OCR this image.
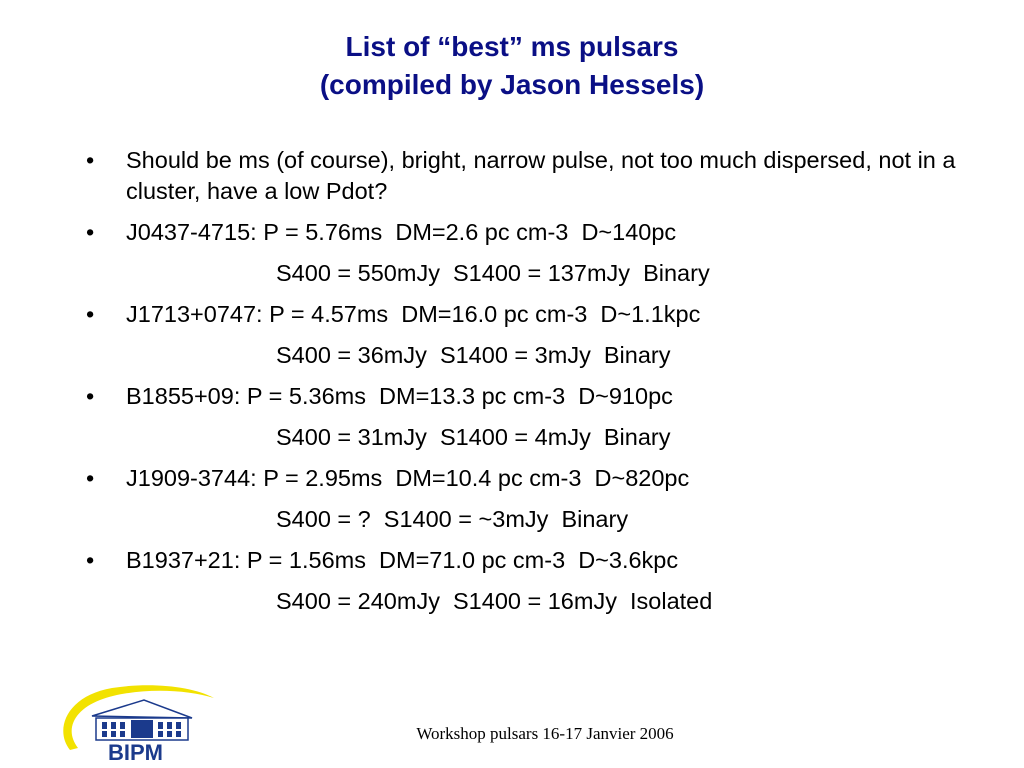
List of “best” ms pulsars
(compiled by Jason Hessels)
• Should be ms (of course), bright, narrow pulse, not too much dispersed, not in a cluster, have a low Pdot?
• J0437-4715: P = 5.76ms  DM=2.6 pc cm-3  D~140pc
S400 = 550mJy  S1400 = 137mJy  Binary
• J1713+0747: P = 4.57ms  DM=16.0 pc cm-3  D~1.1kpc
S400 = 36mJy  S1400 = 3mJy  Binary
• B1855+09: P = 5.36ms  DM=13.3 pc cm-3  D~910pc
S400 = 31mJy  S1400 = 4mJy  Binary
• J1909-3744: P = 2.95ms  DM=10.4 pc cm-3  D~820pc
S400 = ?  S1400 = ~3mJy  Binary
• B1937+21: P = 1.56ms  DM=71.0 pc cm-3  D~3.6kpc
S400 = 240mJy  S1400 = 16mJy  Isolated
BIPM
Workshop pulsars 16-17 Janvier 2006
